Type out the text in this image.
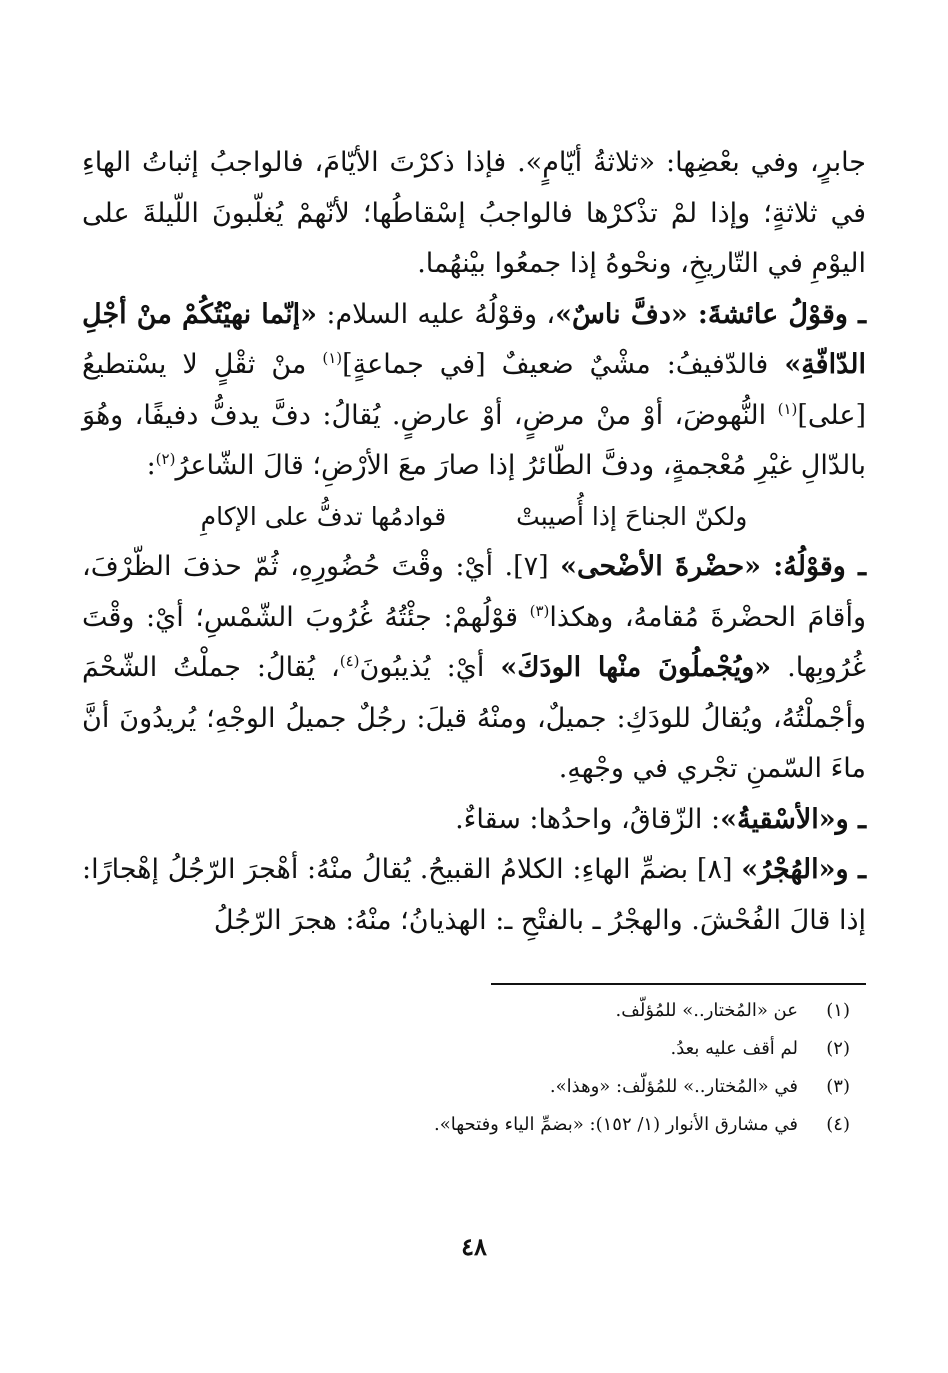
جابرٍ، وفي بعْضِها: «ثلاثةُ أيّامٍ». فإذا ذكرْتَ الأيّامَ، فالواجبُ إثباتُ الهاءِ في ثلاثةٍ؛ وإذا لمْ تذْكرْها فالواجبُ إسْقاطُها؛ لأنّهمْ يُغلّبونَ اللّيلةَ على اليوْمِ في التّاريخِ، ونحْوهُ إذا جمعُوا بيْنهُما.

ـ وقوْلُ عائشةَ: «دفَّ ناسٌ»، وقوْلُهُ عليه السلام: «إنّما نهيْتُكُمْ منْ أجْلِ الدّافّةِ» فالدّفيفُ: مشْيٌ ضعيفٌ [في جماعةٍ]$^{(١)}$ منْ ثقْلٍ لا يسْتطيعُ [على]$^{(١)}$ النُّهوضَ، أوْ منْ مرضٍ، أوْ عارضٍ. يُقالُ: دفَّ يدفُّ دفيفًا، وهُوَ بالدّالِ غيْرِ مُعْجمةٍ، ودفَّ الطّائرُ إذا صارَ معَ الأرْضِ؛ قالَ الشّاعرُ$^{(٢)}$:

ولكنّ الجناحَ إذا أُصيبتْ
قوادمُها تدفُّ على الإكامِ

ـ وقوْلُهُ: «حضْرةَ الأضْحى» [٧]. أيْ: وقْتَ حُضُورِهِ، ثُمّ حذفَ الظّرْفَ، وأقامَ الحضْرةَ مُقامهُ، وهكذا$^{(٣)}$ قوْلُهمْ: جئْتُهُ غُرُوبَ الشّمْسِ؛ أيْ: وقْتَ غُرُوبِها. «ويُجْملُونَ منْها الودَكَ» أيْ: يُذيبُونَ$^{(٤)}$، يُقالُ: جملْتُ الشّحْمَ وأجْملْتُهُ، ويُقالُ للودَكِ: جميلٌ، ومنْهُ قيلَ: رجُلٌ جميلُ الوجْهِ؛ يُريدُونَ أنَّ ماءَ السّمنِ تجْري في وجْههِ.

ـ و«الأسْقيةُ»: الزّقاقُ، واحدُها: سقاءٌ.

ـ و«الهُجْرُ» [٨] بضمِّ الهاءِ: الكلامُ القبيحُ. يُقالُ منْهُ: أهْجرَ الرّجُلُ إهْجارًا: إذا قالَ الفُحْشَ. والهجْرُ ـ بالفتْحِ ـ: الهذيانُ؛ منْهُ: هجرَ الرّجُلُ

(١)
عن «المُختار..» للمُؤلّف.
(٢)
لم أقف عليه بعدُ.
(٣)
في «المُختار..» للمُؤلّف: «وهذا».
(٤)
في مشارق الأنوار (١/ ١٥٢): «بضمِّ الياء وفتحها».
٤٨
